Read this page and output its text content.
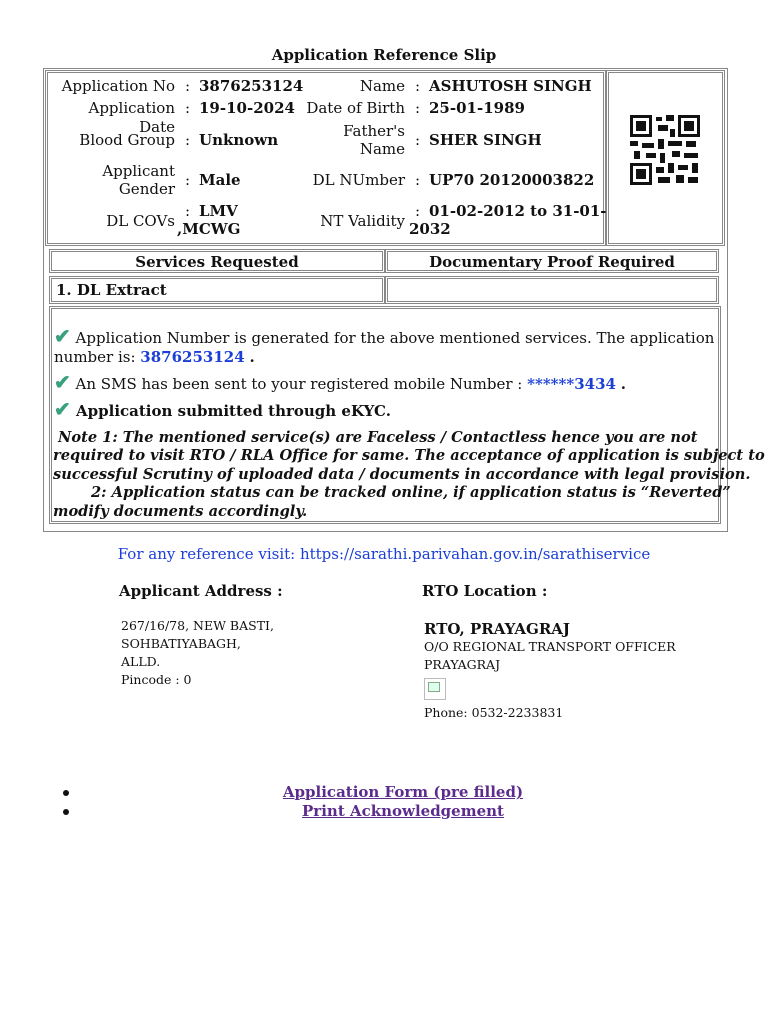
Application Reference Slip
Application No : 3876253124
Application Date
: 19-10-2024
Blood Group : Unknown
Applicant
Gender : Male
DL COVs
: LMV
,MCWG
Name : ASHUTOSH SINGH
Date of Birth : 25-01-1989
Father's
Name : SHER SINGH
DL NUmber : UP70 20120003822
NT Validity
: 01-02-2012 to 31-01-
2032
Services Requested	Documentary Proof Required
1. DL Extract
✔ Application Number is generated for the above mentioned services. The application
number is: 3876253124 .
✔ An SMS has been sent to your registered mobile Number : ******3434 .
✔ Application submitted through eKYC.
Note 1: The mentioned service(s) are Faceless / Contactless hence you are not
required to visit RTO / RLA Office for same. The acceptance of application is subject to
successful Scrutiny of uploaded data / documents in accordance with legal provision.
2: Application status can be tracked online, if application status is “Reverted”
modify documents accordingly.
For any reference visit: https://sarathi.parivahan.gov.in/sarathiservice
Applicant Address :
267/16/78, NEW BASTI, SOHBATIYABAGH,
ALLD.
Pincode : 0
RTO Location :
RTO, PRAYAGRAJ
O/O REGIONAL TRANSPORT OFFICER
PRAYAGRAJ
Phone: 0532-2233831
Application Form (pre filled)
Print Acknowledgement
